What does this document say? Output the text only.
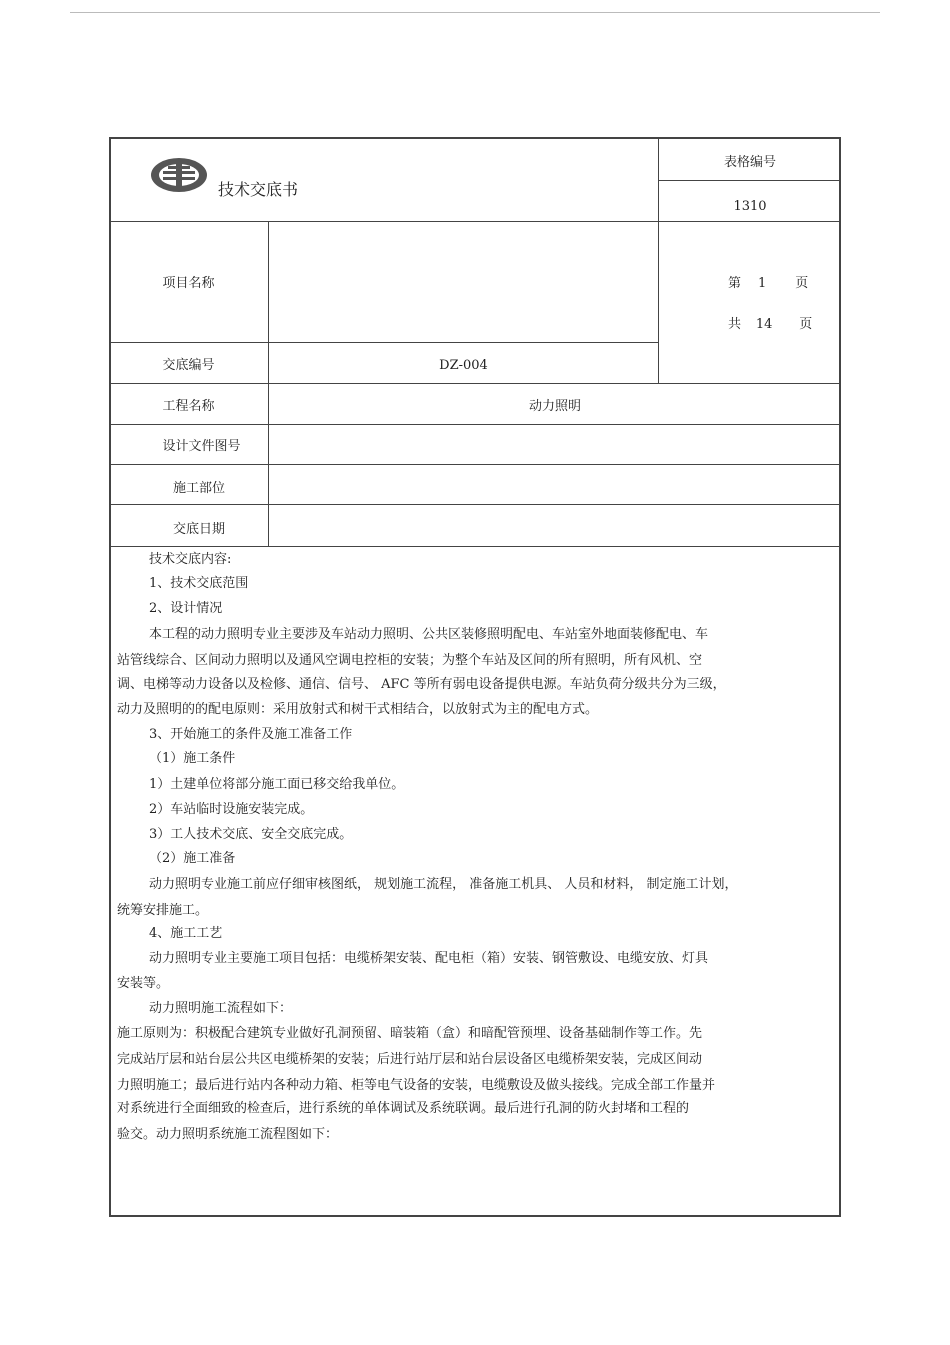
技术交底书
表格编号
1310
第 1 页
共 14 页
项目名称
交底编号	DZ-004
工程名称	动力照明
设计文件图号
施工部位
交底日期
技术交底内容:
1、技术交底范围
2、设计情况
本工程的动力照明专业主要涉及车站动力照明、公共区装修照明配电、车站室外地面装修配电、车
站管线综合、区间动力照明以及通风空调电控柜的安装；为整个车站及区间的所有照明，所有风机、空
调、电梯等动力设备以及检修、通信、信号、 AFC 等所有弱电设备提供电源。车站负荷分级共分为三级，
动力及照明的的配电原则：采用放射式和树干式相结合，以放射式为主的配电方式。
3、开始施工的条件及施工准备工作
（1）施工条件
1）土建单位将部分施工面已移交给我单位。
2）车站临时设施安装完成。
3）工人技术交底、安全交底完成。
（2）施工准备
动力照明专业施工前应仔细审核图纸， 规划施工流程， 准备施工机具、 人员和材料， 制定施工计划，
统筹安排施工。
4、施工工艺
动力照明专业主要施工项目包括：电缆桥架安装、配电柜（箱）安装、钢管敷设、电缆安放、灯具
安装等。
动力照明施工流程如下：
施工原则为：积极配合建筑专业做好孔洞预留、暗装箱（盒）和暗配管预埋、设备基础制作等工作。先
完成站厅层和站台层公共区电缆桥架的安装；后进行站厅层和站台层设备区电缆桥架安装，完成区间动
力照明施工；最后进行站内各种动力箱、柜等电气设备的安装，电缆敷设及做头接线。完成全部工作量并
对系统进行全面细致的检查后，进行系统的单体调试及系统联调。最后进行孔洞的防火封堵和工程的
验交。动力照明系统施工流程图如下：
